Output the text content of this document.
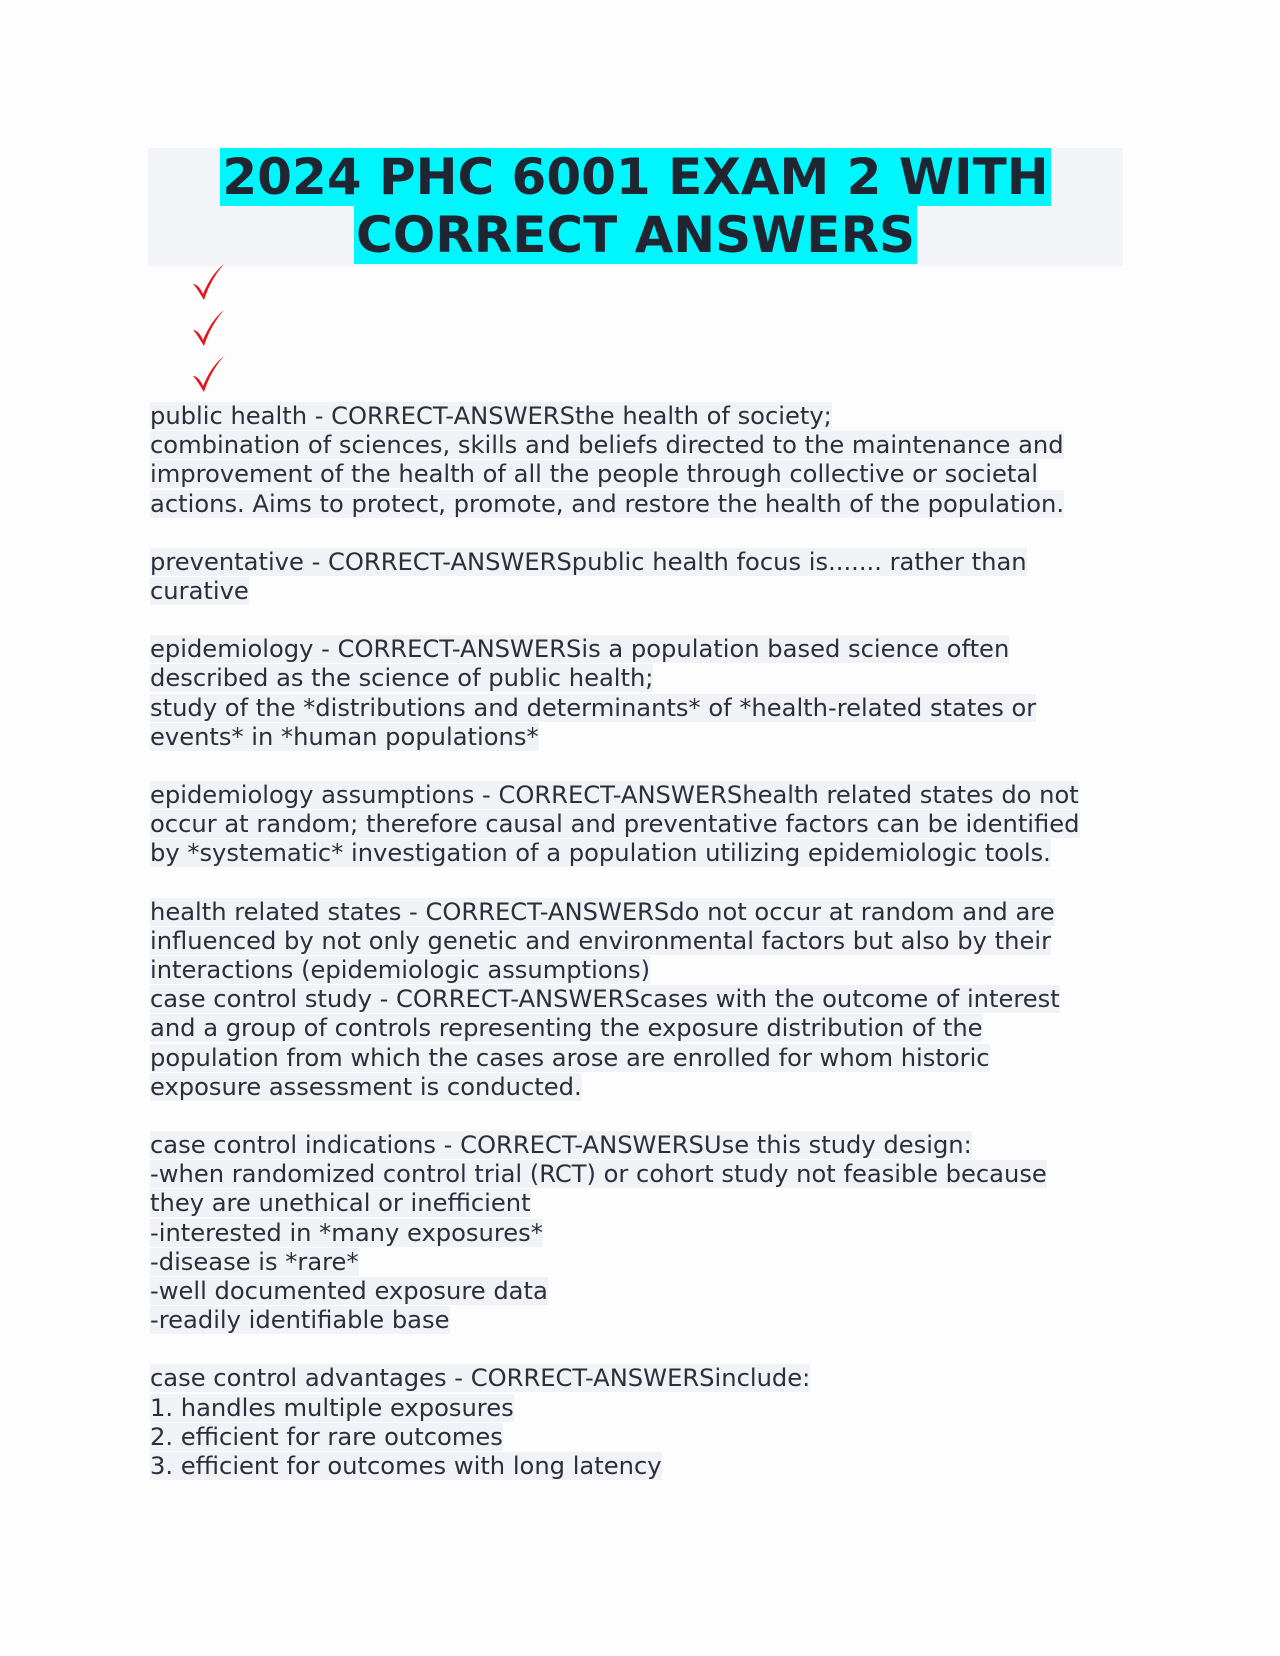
2024 PHC 6001 EXAM 2 WITH
CORRECT ANSWERS
public health - CORRECT-ANSWERSthe health of society;
combination of sciences, skills and beliefs directed to the maintenance and
improvement of the health of all the people through collective or societal
actions. Aims to protect, promote, and restore the health of the population.
preventative - CORRECT-ANSWERSpublic health focus is....... rather than
curative
epidemiology - CORRECT-ANSWERSis a population based science often
described as the science of public health;
study of the *distributions and determinants* of *health-related states or
events* in *human populations*
epidemiology assumptions - CORRECT-ANSWERShealth related states do not
occur at random; therefore causal and preventative factors can be identified
by *systematic* investigation of a population utilizing epidemiologic tools.
health related states - CORRECT-ANSWERSdo not occur at random and are
influenced by not only genetic and environmental factors but also by their
interactions (epidemiologic assumptions)
case control study - CORRECT-ANSWERScases with the outcome of interest
and a group of controls representing the exposure distribution of the
population from which the cases arose are enrolled for whom historic
exposure assessment is conducted.
case control indications - CORRECT-ANSWERSUse this study design:
-when randomized control trial (RCT) or cohort study not feasible because
they are unethical or inefficient
-interested in *many exposures*
-disease is *rare*
-well documented exposure data
-readily identifiable base
case control advantages - CORRECT-ANSWERSinclude:
1. handles multiple exposures
2. efficient for rare outcomes
3. efficient for outcomes with long latency
